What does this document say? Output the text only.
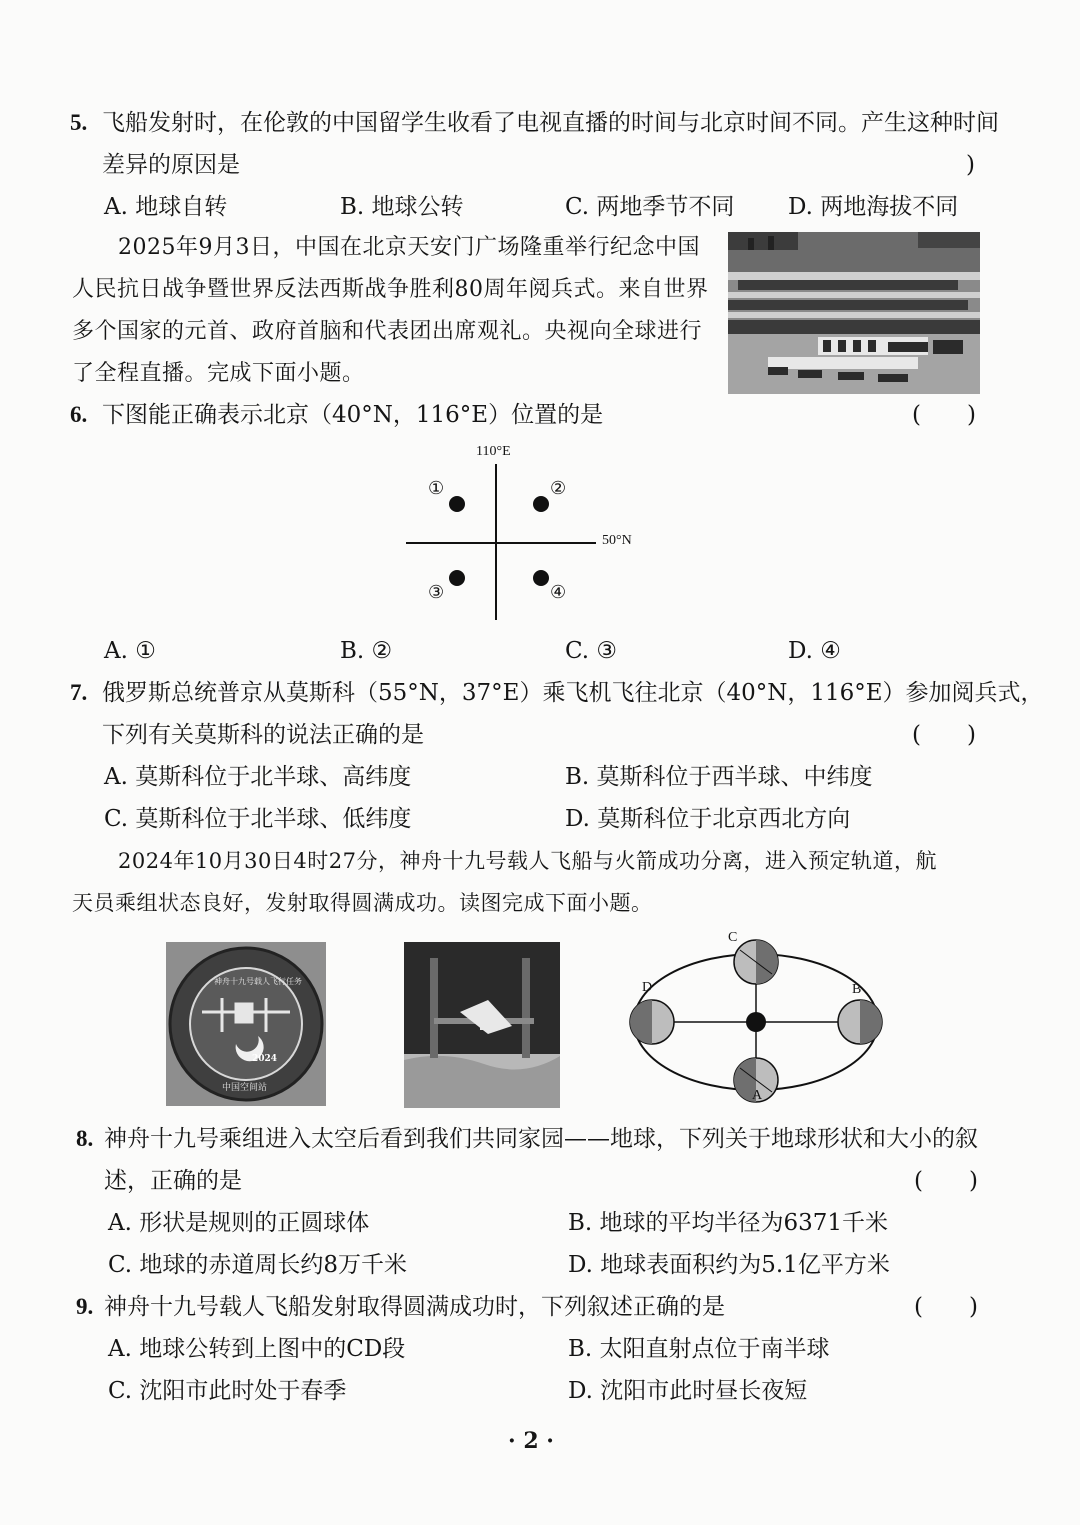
5. 飞船发射时，在伦敦的中国留学生收看了电视直播的时间与北京时间不同。产生这种时间
差异的原因是	)
A. 地球自转	B. 地球公转	C. 两地季节不同 D. 两地海拔不同
2025年9月3日，中国在北京天安门广场隆重举行纪念中国
人民抗日战争暨世界反法西斯战争胜利80周年阅兵式。来自世界
多个国家的元首、政府首脑和代表团出席观礼。央视向全球进行
了全程直播。完成下面小题。
6. 下图能正确表示北京（40°N，116°E）位置的是	(　　)
110°E
50°N
①	②
③	④
A. ①	B. ②	C. ③	D. ④
7. 俄罗斯总统普京从莫斯科（55°N，37°E）乘飞机飞往北京（40°N，116°E）参加阅兵式，
下列有关莫斯科的说法正确的是	(　　)
A. 莫斯科位于北半球、高纬度	B. 莫斯科位于西半球、中纬度
C. 莫斯科位于北半球、低纬度	D. 莫斯科位于北京西北方向
2024年10月30日4时27分，神舟十九号载人飞船与火箭成功分离，进入预定轨道，航
天员乘组状态良好，发射取得圆满成功。读图完成下面小题。
神舟十九号载人飞行任务
2024
中国空间站
C
A
D	B
8. 神舟十九号乘组进入太空后看到我们共同家园——地球，下列关于地球形状和大小的叙
述，正确的是	(　　)
A. 形状是规则的正圆球体	B. 地球的平均半径为6371千米
C. 地球的赤道周长约8万千米	D. 地球表面积约为5.1亿平方米
9. 神舟十九号载人飞船发射取得圆满成功时，下列叙述正确的是	(　　)
A. 地球公转到上图中的CD段	B. 太阳直射点位于南半球
C. 沈阳市此时处于春季	D. 沈阳市此时昼长夜短
· 2 ·
